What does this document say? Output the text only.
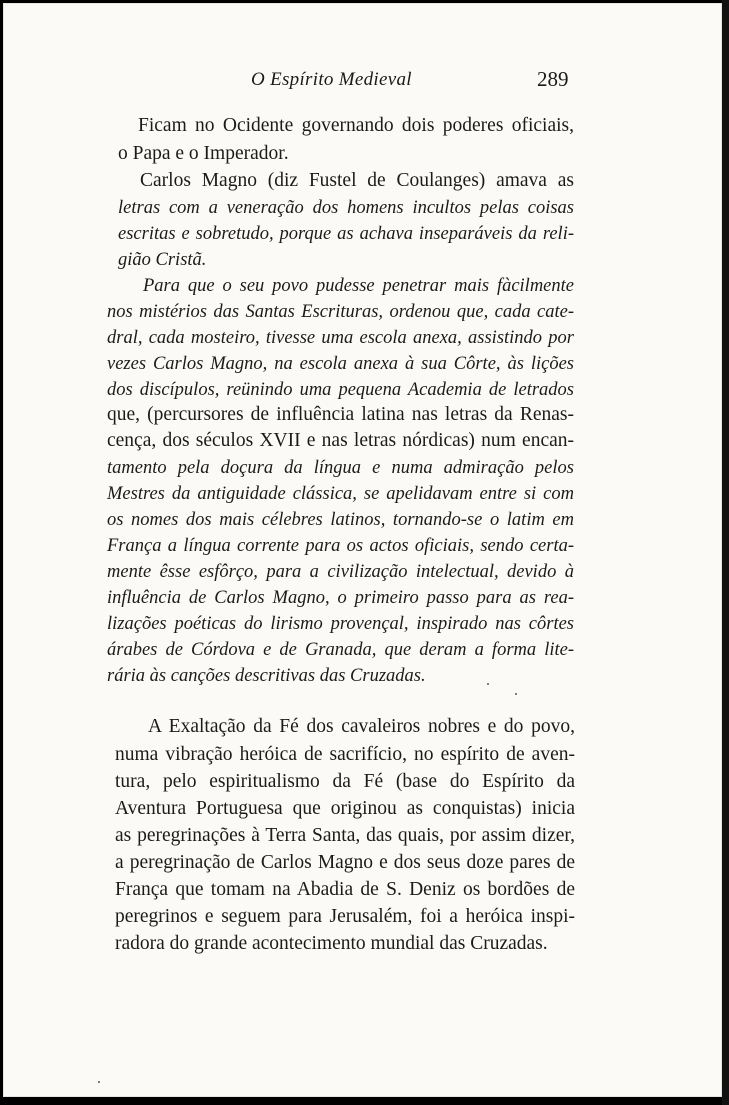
O Espírito Medieval	289
Ficam no Ocidente governando dois poderes oficiais,
o Papa e o Imperador.
Carlos Magno (diz Fustel de Coulanges) amava as
letras com a veneração dos homens incultos pelas coisas
escritas e sobretudo, porque as achava inseparáveis da reli-
gião Cristã.
Para que o seu povo pudesse penetrar mais fàcilmente
nos mistérios das Santas Escrituras, ordenou que, cada cate-
dral, cada mosteiro, tivesse uma escola anexa, assistindo por
vezes Carlos Magno, na escola anexa à sua Côrte, às lições
dos discípulos, reünindo uma pequena Academia de letrados
que, (percursores de influência latina nas letras da Renas-
cença, dos séculos XVII e nas letras nórdicas) num encan-
tamento pela doçura da língua e numa admiração pelos
Mestres da antiguidade clássica, se apelidavam entre si com
os nomes dos mais célebres latinos, tornando-se o latim em
França a língua corrente para os actos oficiais, sendo certa-
mente êsse esfôrço, para a civilização intelectual, devido à
influência de Carlos Magno, o primeiro passo para as rea-
lizações poéticas do lirismo provençal, inspirado nas côrtes
árabes de Córdova e de Granada, que deram a forma lite-
rária às canções descritivas das Cruzadas.
A Exaltação da Fé dos cavaleiros nobres e do povo,
numa vibração heróica de sacrifício, no espírito de aven-
tura, pelo espiritualismo da Fé (base do Espírito da
Aventura Portuguesa que originou as conquistas) inicia
as peregrinações à Terra Santa, das quais, por assim dizer,
a peregrinação de Carlos Magno e dos seus doze pares de
França que tomam na Abadia de S. Deniz os bordões de
peregrinos e seguem para Jerusalém, foi a heróica inspi-
radora do grande acontecimento mundial das Cruzadas.
